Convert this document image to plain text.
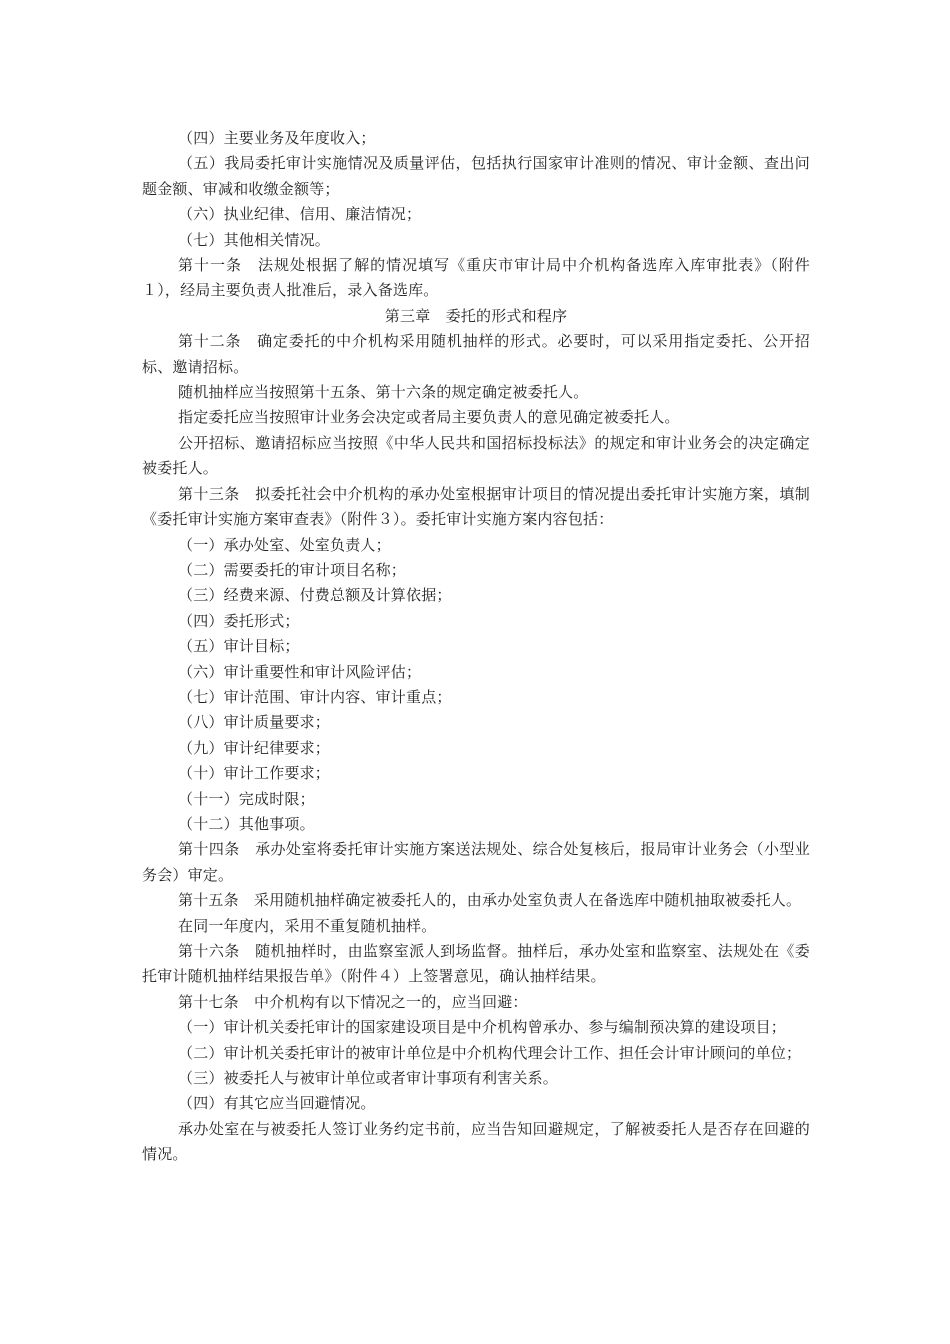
（四）主要业务及年度收入；

（五）我局委托审计实施情况及质量评估，包括执行国家审计准则的情况、审计金额、查出问题金额、审减和收缴金额等；

（六）执业纪律、信用、廉洁情况；

（七）其他相关情况。

第十一条　法规处根据了解的情况填写《重庆市审计局中介机构备选库入库审批表》（附件１），经局主要负责人批准后，录入备选库。

第三章　委托的形式和程序

第十二条　确定委托的中介机构采用随机抽样的形式。必要时，可以采用指定委托、公开招标、邀请招标。

随机抽样应当按照第十五条、第十六条的规定确定被委托人。

指定委托应当按照审计业务会决定或者局主要负责人的意见确定被委托人。

公开招标、邀请招标应当按照《中华人民共和国招标投标法》的规定和审计业务会的决定确定被委托人。

第十三条　拟委托社会中介机构的承办处室根据审计项目的情况提出委托审计实施方案，填制《委托审计实施方案审查表》（附件３）。委托审计实施方案内容包括：

（一）承办处室、处室负责人；

（二）需要委托的审计项目名称；

（三）经费来源、付费总额及计算依据；

（四）委托形式；

（五）审计目标；

（六）审计重要性和审计风险评估；

（七）审计范围、审计内容、审计重点；

（八）审计质量要求；

（九）审计纪律要求；

（十）审计工作要求；

（十一）完成时限；

（十二）其他事项。

第十四条　承办处室将委托审计实施方案送法规处、综合处复核后，报局审计业务会（小型业务会）审定。

第十五条　采用随机抽样确定被委托人的，由承办处室负责人在备选库中随机抽取被委托人。

在同一年度内，采用不重复随机抽样。

第十六条　随机抽样时，由监察室派人到场监督。抽样后，承办处室和监察室、法规处在《委托审计随机抽样结果报告单》（附件４）上签署意见，确认抽样结果。

第十七条　中介机构有以下情况之一的，应当回避：

（一）审计机关委托审计的国家建设项目是中介机构曾承办、参与编制预决算的建设项目；

（二）审计机关委托审计的被审计单位是中介机构代理会计工作、担任会计审计顾问的单位；

（三）被委托人与被审计单位或者审计事项有利害关系。

（四）有其它应当回避情况。

承办处室在与被委托人签订业务约定书前，应当告知回避规定，了解被委托人是否存在回避的情况。
